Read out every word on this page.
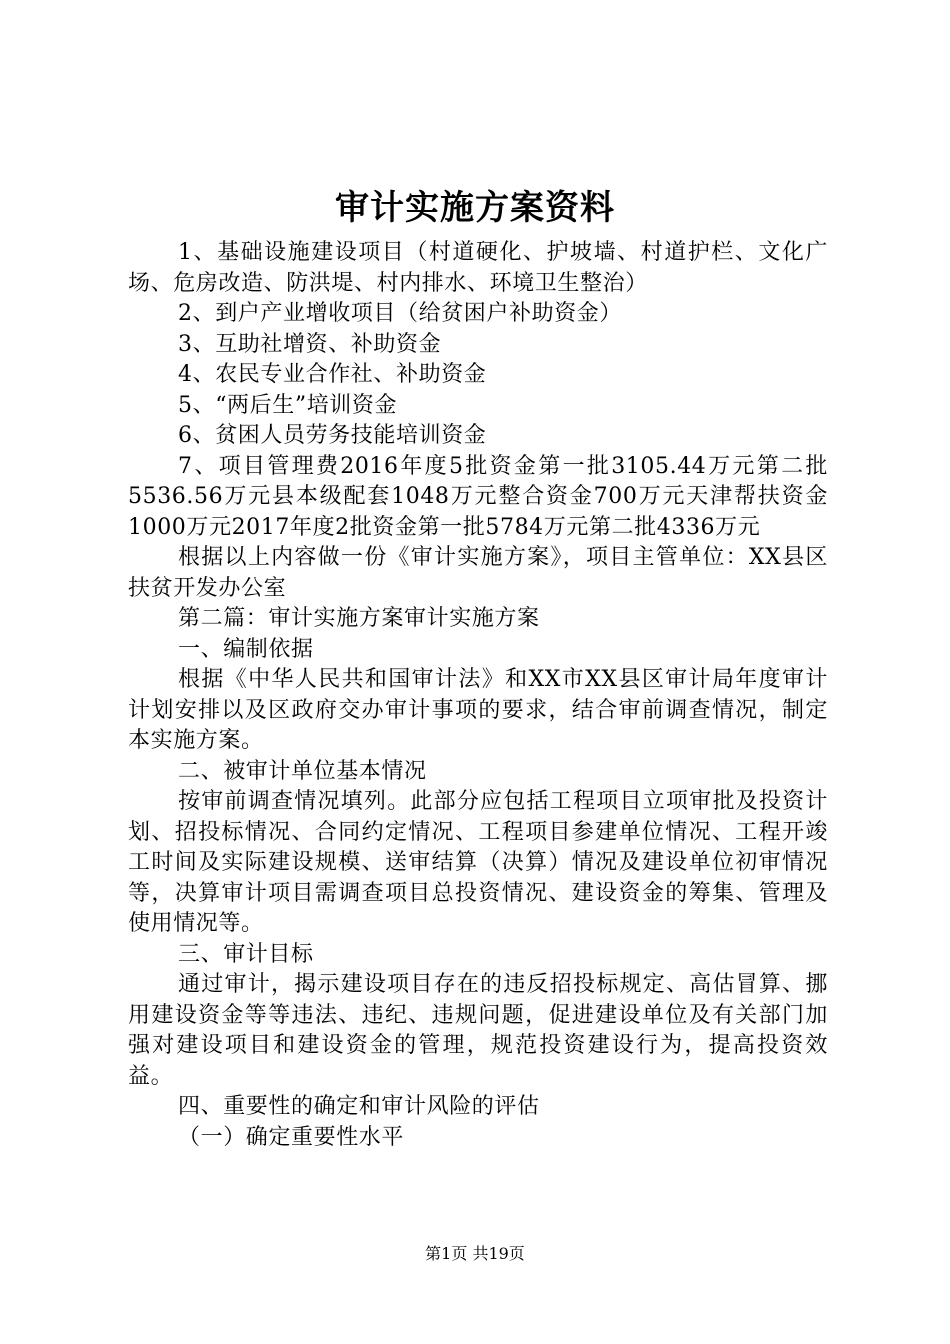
审计实施方案资料

1、基础设施建设项目（村道硬化、护坡墙、村道护栏、文化广场、危房改造、防洪堤、村内排水、环境卫生整治）

2、到户产业增收项目（给贫困户补助资金）

3、互助社增资、补助资金

4、农民专业合作社、补助资金

5、“两后生”培训资金

6、贫困人员劳务技能培训资金

7、项目管理费2016年度5批资金第一批3105.44万元第二批5536.56万元县本级配套1048万元整合资金700万元天津帮扶资金1000万元2017年度2批资金第一批5784万元第二批4336万元

根据以上内容做一份《审计实施方案》，项目主管单位：XX县区扶贫开发办公室

第二篇：审计实施方案审计实施方案

一、编制依据

根据《中华人民共和国审计法》和XX市XX县区审计局年度审计计划安排以及区政府交办审计事项的要求，结合审前调查情况，制定本实施方案。

二、被审计单位基本情况

按审前调查情况填列。此部分应包括工程项目立项审批及投资计划、招投标情况、合同约定情况、工程项目参建单位情况、工程开竣工时间及实际建设规模、送审结算（决算）情况及建设单位初审情况等，决算审计项目需调查项目总投资情况、建设资金的筹集、管理及使用情况等。

三、审计目标

通过审计，揭示建设项目存在的违反招投标规定、高估冒算、挪用建设资金等等违法、违纪、违规问题，促进建设单位及有关部门加强对建设项目和建设资金的管理，规范投资建设行为，提高投资效益。

四、重要性的确定和审计风险的评估

（一）确定重要性水平

第1页 共19页
